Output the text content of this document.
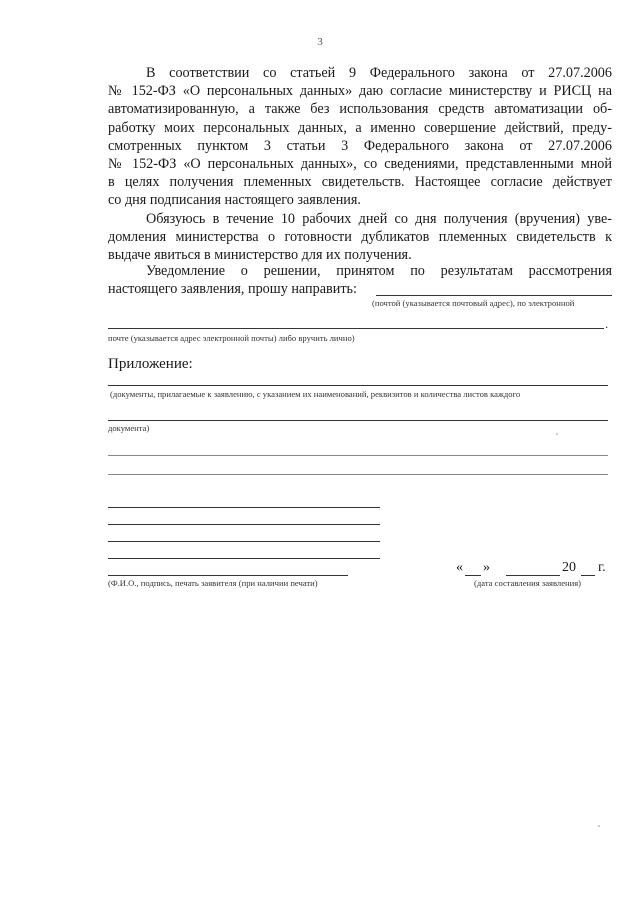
3
В соответствии со статьей 9 Федерального закона от 27.07.2006
№ 152-ФЗ «О персональных данных» даю согласие министерству и РИСЦ на
автоматизированную, а также без использования средств автоматизации об-
работку моих персональных данных, а именно совершение действий, преду-
смотренных пунктом 3 статьи 3 Федерального закона от 27.07.2006
№ 152-ФЗ «О персональных данных», со сведениями, представленными мной
в целях получения племенных свидетельств. Настоящее согласие действует
со дня подписания настоящего заявления.
Обязуюсь в течение 10 рабочих дней со дня получения (вручения) уве-
домления министерства о готовности дубликатов племенных свидетельств к
выдаче явиться в министерство для их получения.
Уведомление о решении, принятом по результатам рассмотрения
настоящего заявления, прошу направить:
(почтой (указывается почтовый адрес), по электронной
.
почте (указывается адрес электронной почты) либо вручить лично)
Приложение:
(документы, прилагаемые к заявлению, с указанием их наименований, реквизитов и количества листов каждого
документа)
(Ф.И.О., подпись, печать заявителя (при наличии печати)
« »	20 г.
(дата составления заявления)
